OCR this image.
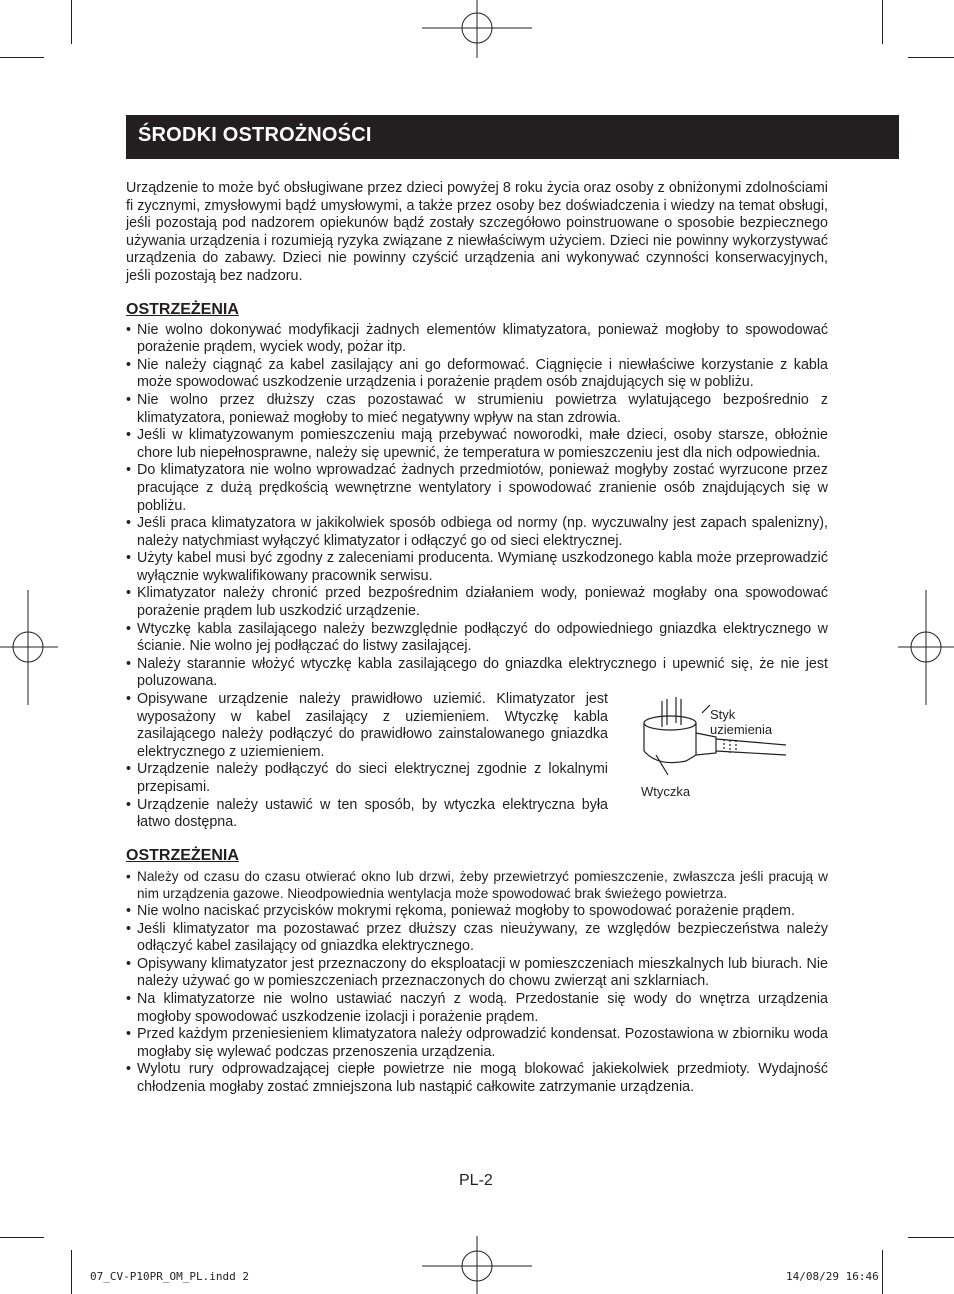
ŚRODKI OSTROŻNOŚCI

Urządzenie to może być obsługiwane przez dzieci powyżej 8 roku życia oraz osoby z obniżonymi zdolnościami fi zycznymi, zmysłowymi bądź umysłowymi, a także przez osoby bez doświadczenia i wiedzy na temat obsługi, jeśli pozostają pod nadzorem opiekunów bądź zostały szczegółowo poinstruowane o sposobie bezpiecznego używania urządzenia i rozumieją ryzyka związane z niewłaściwym użyciem. Dzieci nie powinny wykorzystywać urządzenia do zabawy. Dzieci nie powinny czyścić urządzenia ani wykonywać czynności konserwacyjnych, jeśli pozostają bez nadzoru.

OSTRZEŻENIA
• Nie wolno dokonywać modyfikacji żadnych elementów klimatyzatora, ponieważ mogłoby to spowodować porażenie prądem, wyciek wody, pożar itp.
• Nie należy ciągnąć za kabel zasilający ani go deformować. Ciągnięcie i niewłaściwe korzystanie z kabla może spowodować uszkodzenie urządzenia i porażenie prądem osób znajdujących się w pobliżu.
• Nie wolno przez dłuższy czas pozostawać w strumieniu powietrza wylatującego bezpośrednio z klimatyzatora, ponieważ mogłoby to mieć negatywny wpływ na stan zdrowia.
• Jeśli w klimatyzowanym pomieszczeniu mają przebywać noworodki, małe dzieci, osoby starsze, obłożnie chore lub niepełnosprawne, należy się upewnić, że temperatura w pomieszczeniu jest dla nich odpowiednia.
• Do klimatyzatora nie wolno wprowadzać żadnych przedmiotów, ponieważ mogłyby zostać wyrzucone przez pracujące z dużą prędkością wewnętrzne wentylatory i spowodować zranienie osób znajdujących się w pobliżu.
• Jeśli praca klimatyzatora w jakikolwiek sposób odbiega od normy (np. wyczuwalny jest zapach spalenizny), należy natychmiast wyłączyć klimatyzator i odłączyć go od sieci elektrycznej.
• Użyty kabel musi być zgodny z zaleceniami producenta. Wymianę uszkodzonego kabla może przeprowadzić wyłącznie wykwalifikowany pracownik serwisu.
• Klimatyzator należy chronić przed bezpośrednim działaniem wody, ponieważ mogłaby ona spowodować porażenie prądem lub uszkodzić urządzenie.
• Wtyczkę kabla zasilającego należy bezwzględnie podłączyć do odpowiedniego gniazdka elektrycznego w ścianie. Nie wolno jej podłączać do listwy zasilającej.
• Należy starannie włożyć wtyczkę kabla zasilającego do gniazdka elektrycznego i upewnić się, że nie jest poluzowana.
• Opisywane urządzenie należy prawidłowo uziemić. Klimatyzator jest wyposażony w kabel zasilający z uziemieniem. Wtyczkę kabla zasilającego należy podłączyć do prawidłowo zainstalowanego gniazdka elektrycznego z uziemieniem.
• Urządzenie należy podłączyć do sieci elektrycznej zgodnie z lokalnymi przepisami.
• Urządzenie należy ustawić w ten sposób, by wtyczka elektryczna była łatwo dostępna.
Styk
uziemienia
Wtyczka
OSTRZEŻENIA
• Należy od czasu do czasu otwierać okno lub drzwi, żeby przewietrzyć pomieszczenie, zwłaszcza jeśli pracują w nim urządzenia gazowe. Nieodpowiednia wentylacja może spowodować brak świeżego powietrza.
• Nie wolno naciskać przycisków mokrymi rękoma, ponieważ mogłoby to spowodować porażenie prądem.
• Jeśli klimatyzator ma pozostawać przez dłuższy czas nieużywany, ze względów bezpieczeństwa należy odłączyć kabel zasilający od gniazdka elektrycznego.
• Opisywany klimatyzator jest przeznaczony do eksploatacji w pomieszczeniach mieszkalnych lub biurach. Nie należy używać go w pomieszczeniach przeznaczonych do chowu zwierząt ani szklarniach.
• Na klimatyzatorze nie wolno ustawiać naczyń z wodą. Przedostanie się wody do wnętrza urządzenia mogłoby spowodować uszkodzenie izolacji i porażenie prądem.
• Przed każdym przeniesieniem klimatyzatora należy odprowadzić kondensat. Pozostawiona w zbiorniku woda mogłaby się wylewać podczas przenoszenia urządzenia.
• Wylotu rury odprowadzającej ciepłe powietrze nie mogą blokować jakiekolwiek przedmioty. Wydajność chłodzenia mogłaby zostać zmniejszona lub nastąpić całkowite zatrzymanie urządzenia.
PL-2
07_CV-P10PR_OM_PL.indd 2	14/08/29 16:46
